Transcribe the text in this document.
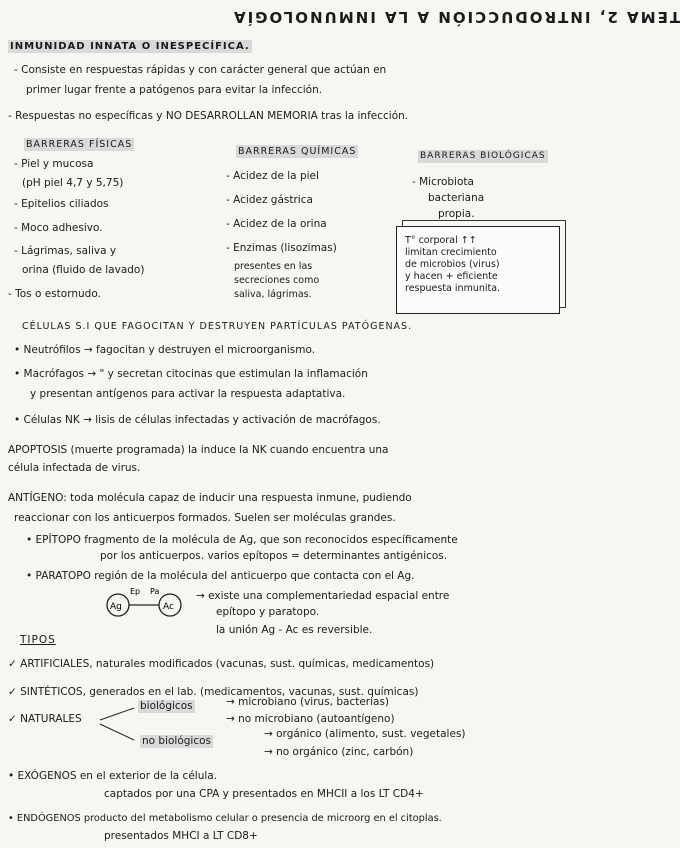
TEMA 2, INTRODUCCIÓN A LA INMUNOLOGÍA
INMUNIDAD INNATA O INESPECÍFICA.
- Consiste en respuestas rápidas y con carácter general que actúan en
primer lugar frente a patógenos para evitar la infección.
- Respuestas no específicas y NO DESARROLLAN MEMORIA tras la infección.
BARRERAS FÍSICAS
- Piel y mucosa
(pH piel 4,7 y 5,75)
- Epitelios ciliados
- Moco adhesivo.
- Lágrimas, saliva y
orina (fluido de lavado)
- Tos o estornudo.
BARRERAS QUÍMICAS
- Acidez de la piel
- Acidez gástrica
- Acidez de la orina
- Enzimas (lisozimas)
presentes en las
secreciones como
saliva, lágrimas.
BARRERAS BIOLÓGICAS
- Microbiota
bacteriana
propia.
T° corporal ↑↑
limitan crecimiento
de microbios (virus)
y hacen + eficiente
respuesta inmunita.
CÉLULAS S.I QUE FAGOCITAN Y DESTRUYEN PARTÍCULAS PATÓGENAS.
• Neutrófilos → fagocitan y destruyen el microorganismo.
• Macrófagos → " y secretan citocinas que estimulan la inflamación
y presentan antígenos para activar la respuesta adaptativa.
• Células NK → lisis de células infectadas y activación de macrófagos.
APOPTOSIS (muerte programada) la induce la NK cuando encuentra una
célula infectada de virus.
ANTÍGENO: toda molécula capaz de inducir una respuesta inmune, pudiendo
reaccionar con los anticuerpos formados. Suelen ser moléculas grandes.
• EPÍTOPO fragmento de la molécula de Ag, que son reconocidos específicamente
por los anticuerpos. varios epítopos = determinantes antigénicos.
• PARATOPO región de la molécula del anticuerpo que contacta con el Ag.
Ag	Ac
Ep Pa	→ existe una complementariedad espacial entre
epítopo y paratopo.
la unión Ag - Ac es reversible.
TIPOS
✓ ARTIFICIALES, naturales modificados (vacunas, sust. químicas, medicamentos)
✓ SINTÉTICOS, generados en el lab. (medicamentos, vacunas, sust. químicas)
✓ NATURALES
biológicos	→ microbiano (virus, bacterias)
→ no microbiano (autoantígeno)
no biológicos
→ orgánico (alimento, sust. vegetales)
→ no orgánico (zinc, carbón)
• EXÓGENOS en el exterior de la célula.
captados por una CPA y presentados en MHCII a los LT CD4+
• ENDÓGENOS producto del metabolismo celular o presencia de microorg en el citoplas.
presentados MHCI a LT CD8+
